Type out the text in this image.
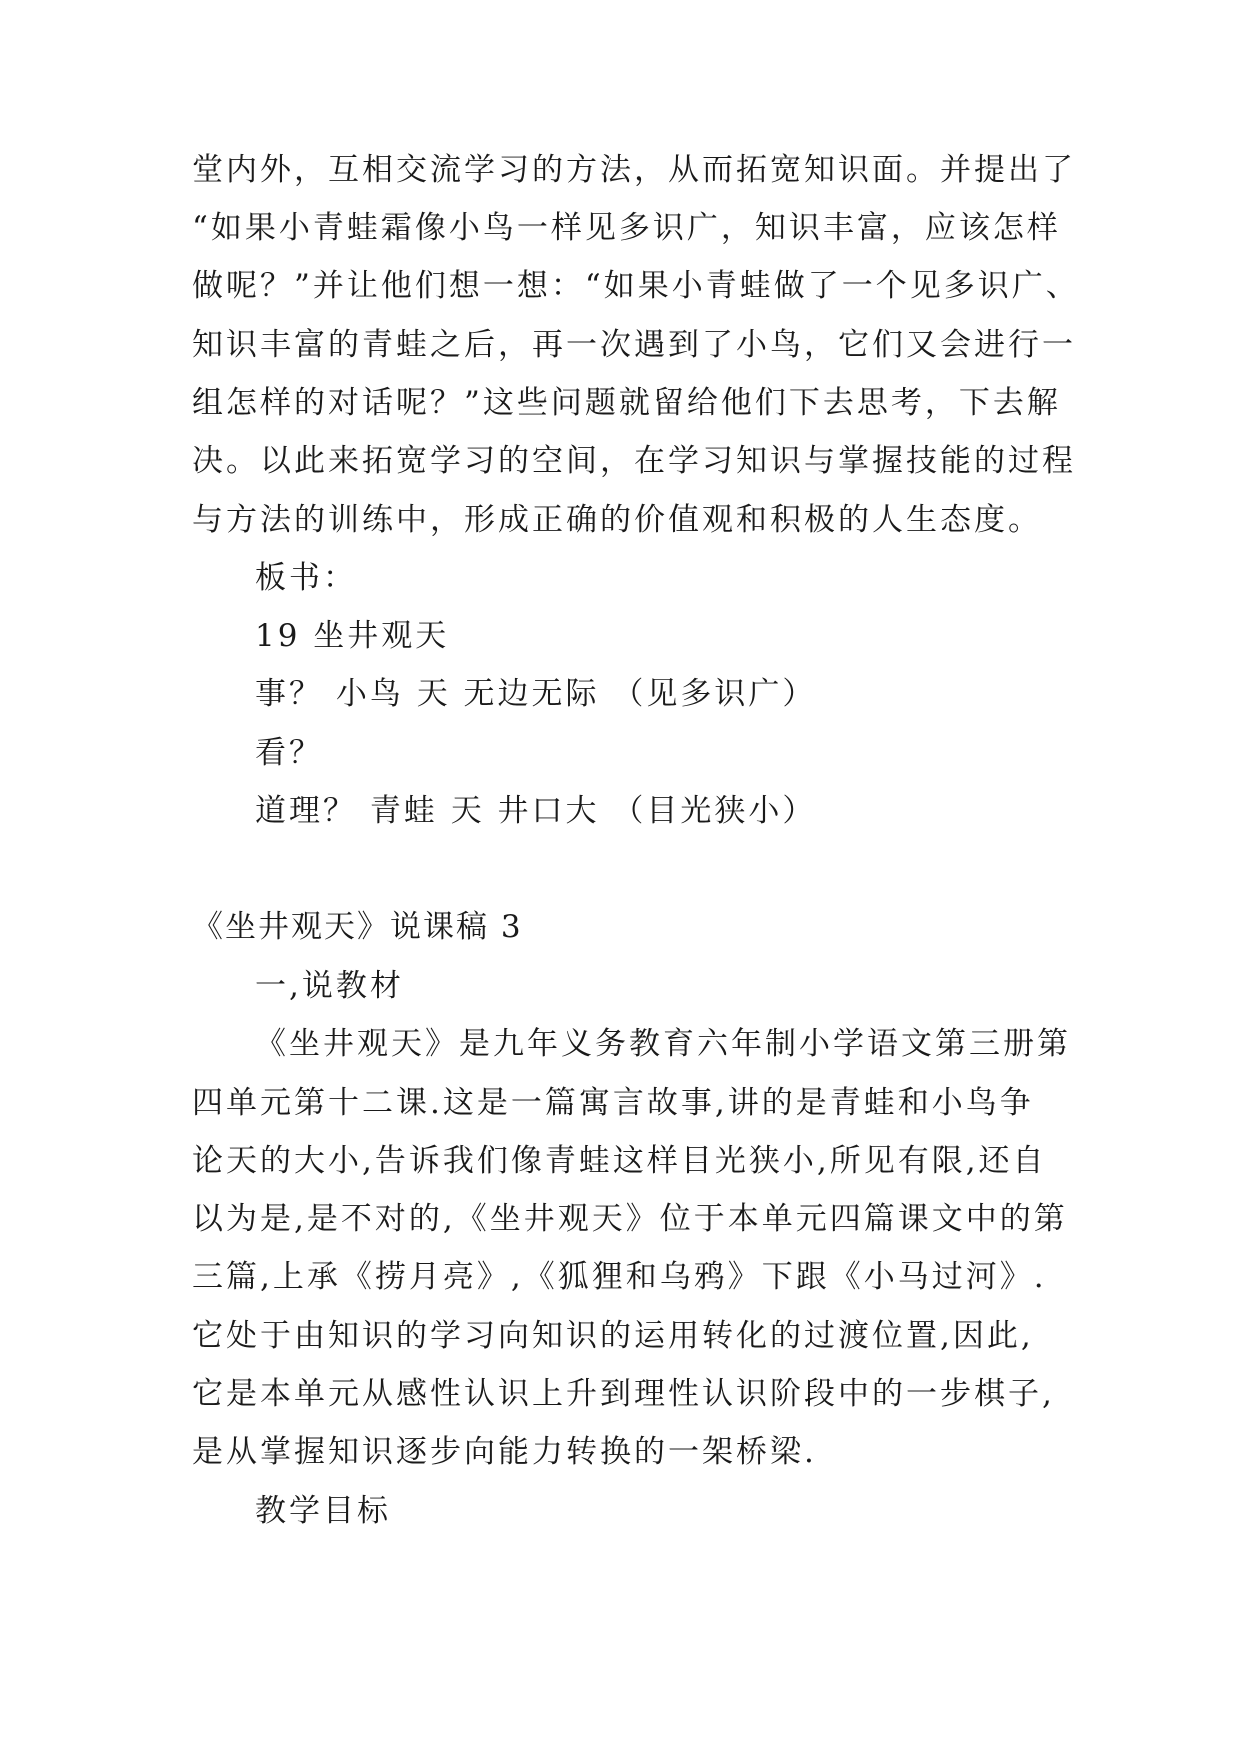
堂内外，互相交流学习的方法，从而拓宽知识面。并提出了
“如果小青蛙霜像小鸟一样见多识广，知识丰富，应该怎样
做呢？”并让他们想一想：“如果小青蛙做了一个见多识广、
知识丰富的青蛙之后，再一次遇到了小鸟，它们又会进行一
组怎样的对话呢？”这些问题就留给他们下去思考，下去解
决。以此来拓宽学习的空间，在学习知识与掌握技能的过程
与方法的训练中，形成正确的价值观和积极的人生态度。
板书：
19 坐井观天
事？ 小鸟 天 无边无际 （见多识广）
看？
道理？ 青蛙 天 井口大 （目光狭小）
《坐井观天》说课稿 3
一,说教材
《坐井观天》是九年义务教育六年制小学语文第三册第
四单元第十二课.这是一篇寓言故事,讲的是青蛙和小鸟争
论天的大小,告诉我们像青蛙这样目光狭小,所见有限,还自
以为是,是不对的,《坐井观天》位于本单元四篇课文中的第
三篇,上承《捞月亮》,《狐狸和乌鸦》下跟《小马过河》.
它处于由知识的学习向知识的运用转化的过渡位置,因此,
它是本单元从感性认识上升到理性认识阶段中的一步棋子,
是从掌握知识逐步向能力转换的一架桥梁.
教学目标
